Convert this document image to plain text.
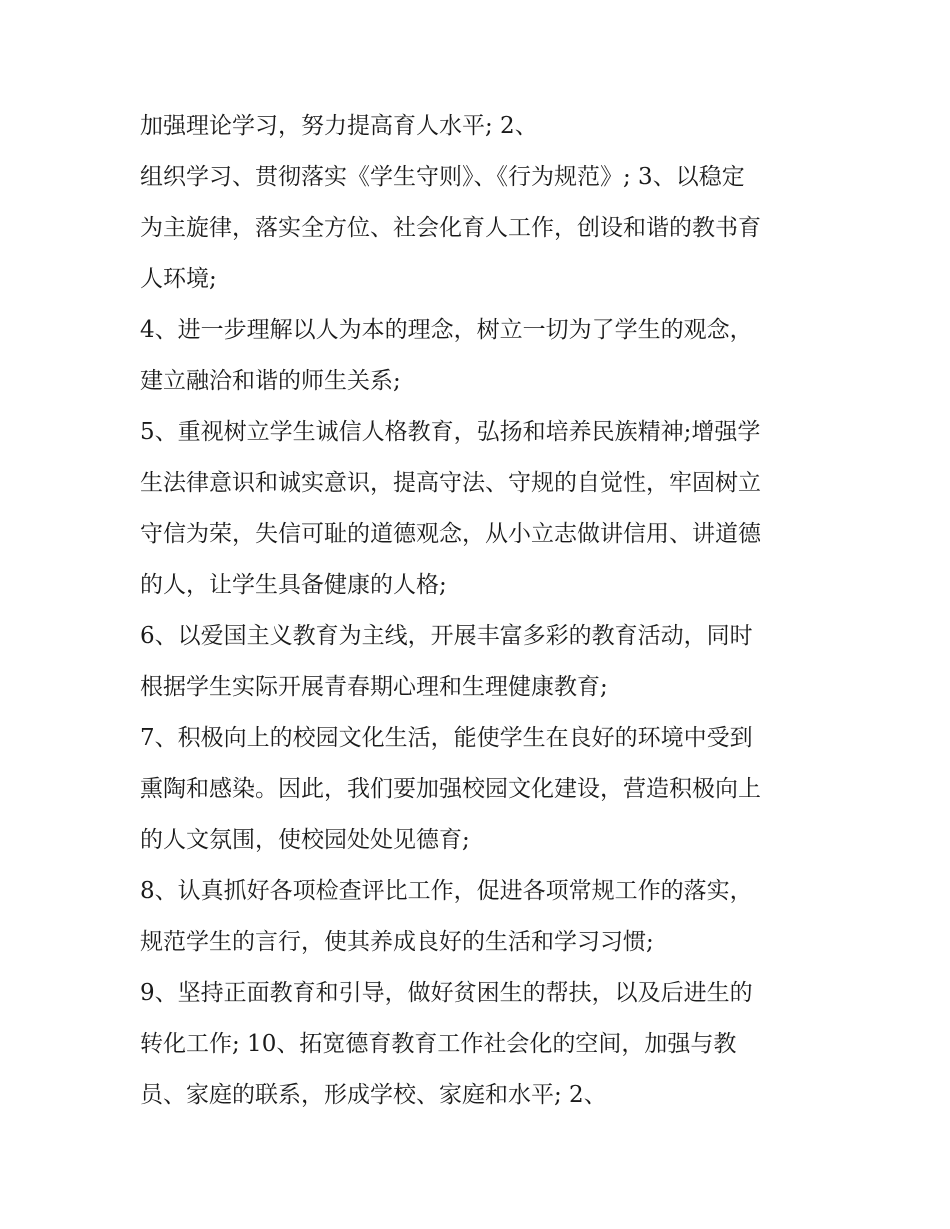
加强理论学习，努力提高育人水平; 2、
组织学习、贯彻落实《学生守则》、《行为规范》; 3、以稳定
为主旋律，落实全方位、社会化育人工作，创设和谐的教书育
人环境;
4、进一步理解以人为本的理念，树立一切为了学生的观念，
建立融洽和谐的师生关系;
5、重视树立学生诚信人格教育，弘扬和培养民族精神;增强学
生法律意识和诚实意识，提高守法、守规的自觉性，牢固树立
守信为荣，失信可耻的道德观念，从小立志做讲信用、讲道德
的人，让学生具备健康的人格;
6、以爱国主义教育为主线，开展丰富多彩的教育活动，同时
根据学生实际开展青春期心理和生理健康教育;
7、积极向上的校园文化生活，能使学生在良好的环境中受到
熏陶和感染。因此，我们要加强校园文化建设，营造积极向上
的人文氛围，使校园处处见德育;
8、认真抓好各项检查评比工作，促进各项常规工作的落实，
规范学生的言行，使其养成良好的生活和学习习惯;
9、坚持正面教育和引导，做好贫困生的帮扶，以及后进生的
转化工作; 10、拓宽德育教育工作社会化的空间，加强与教
员、家庭的联系，形成学校、家庭和水平; 2、
